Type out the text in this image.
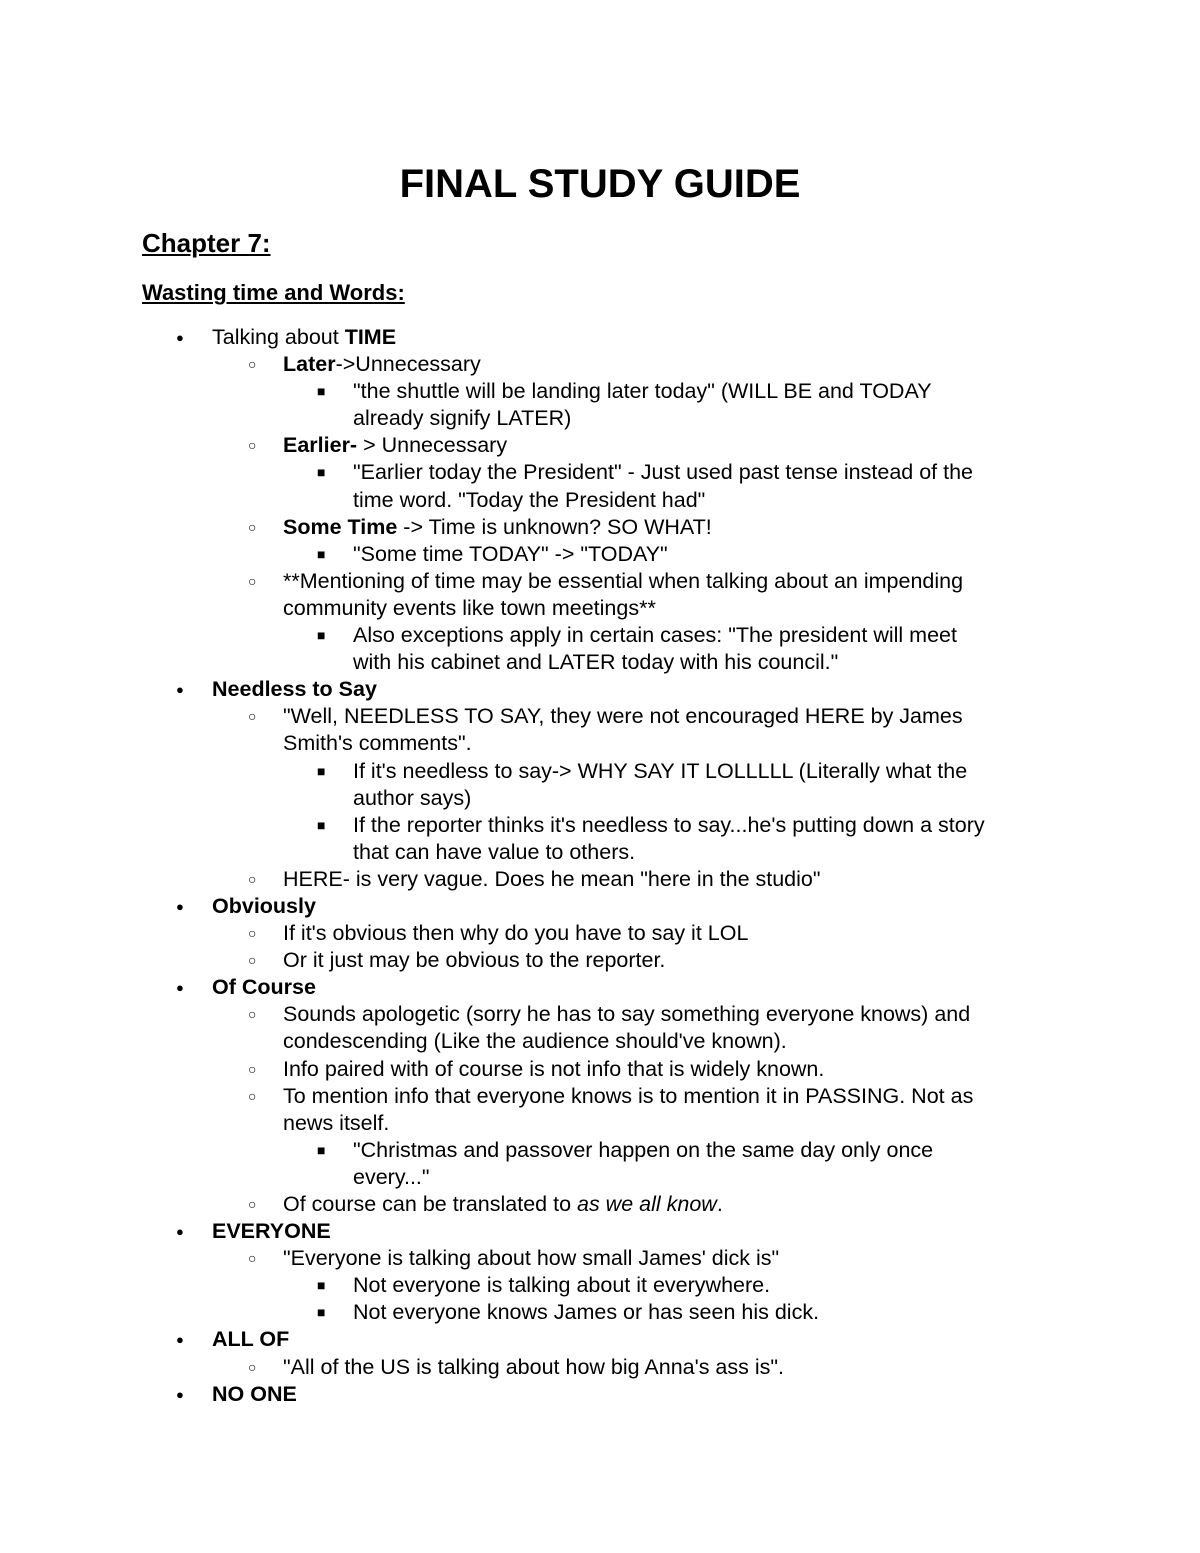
FINAL STUDY GUIDE
Chapter 7:
Wasting time and Words:
● Talking about TIME
○ Later->Unnecessary
■ "the shuttle will be landing later today" (WILL BE and TODAY
already signify LATER)
○ Earlier- > Unnecessary
■ "Earlier today the President" - Just used past tense instead of the
time word. "Today the President had"
○ Some Time -> Time is unknown? SO WHAT!
■ "Some time TODAY" -> "TODAY"
○ **Mentioning of time may be essential when talking about an impending
community events like town meetings**
■ Also exceptions apply in certain cases: "The president will meet
with his cabinet and LATER today with his council."
● Needless to Say
○ "Well, NEEDLESS TO SAY, they were not encouraged HERE by James
Smith's comments".
■ If it's needless to say-> WHY SAY IT LOLLLLL (Literally what the
author says)
■ If the reporter thinks it's needless to say...he's putting down a story
that can have value to others.
○ HERE- is very vague. Does he mean "here in the studio"
● Obviously
○ If it's obvious then why do you have to say it LOL
○ Or it just may be obvious to the reporter.
● Of Course
○ Sounds apologetic (sorry he has to say something everyone knows) and
condescending (Like the audience should've known).
○ Info paired with of course is not info that is widely known.
○ To mention info that everyone knows is to mention it in PASSING. Not as
news itself.
■ "Christmas and passover happen on the same day only once
every..."
○ Of course can be translated to as we all know.
● EVERYONE
○ "Everyone is talking about how small James' dick is"
■ Not everyone is talking about it everywhere.
■ Not everyone knows James or has seen his dick.
● ALL OF
○ "All of the US is talking about how big Anna's ass is".
● NO ONE
